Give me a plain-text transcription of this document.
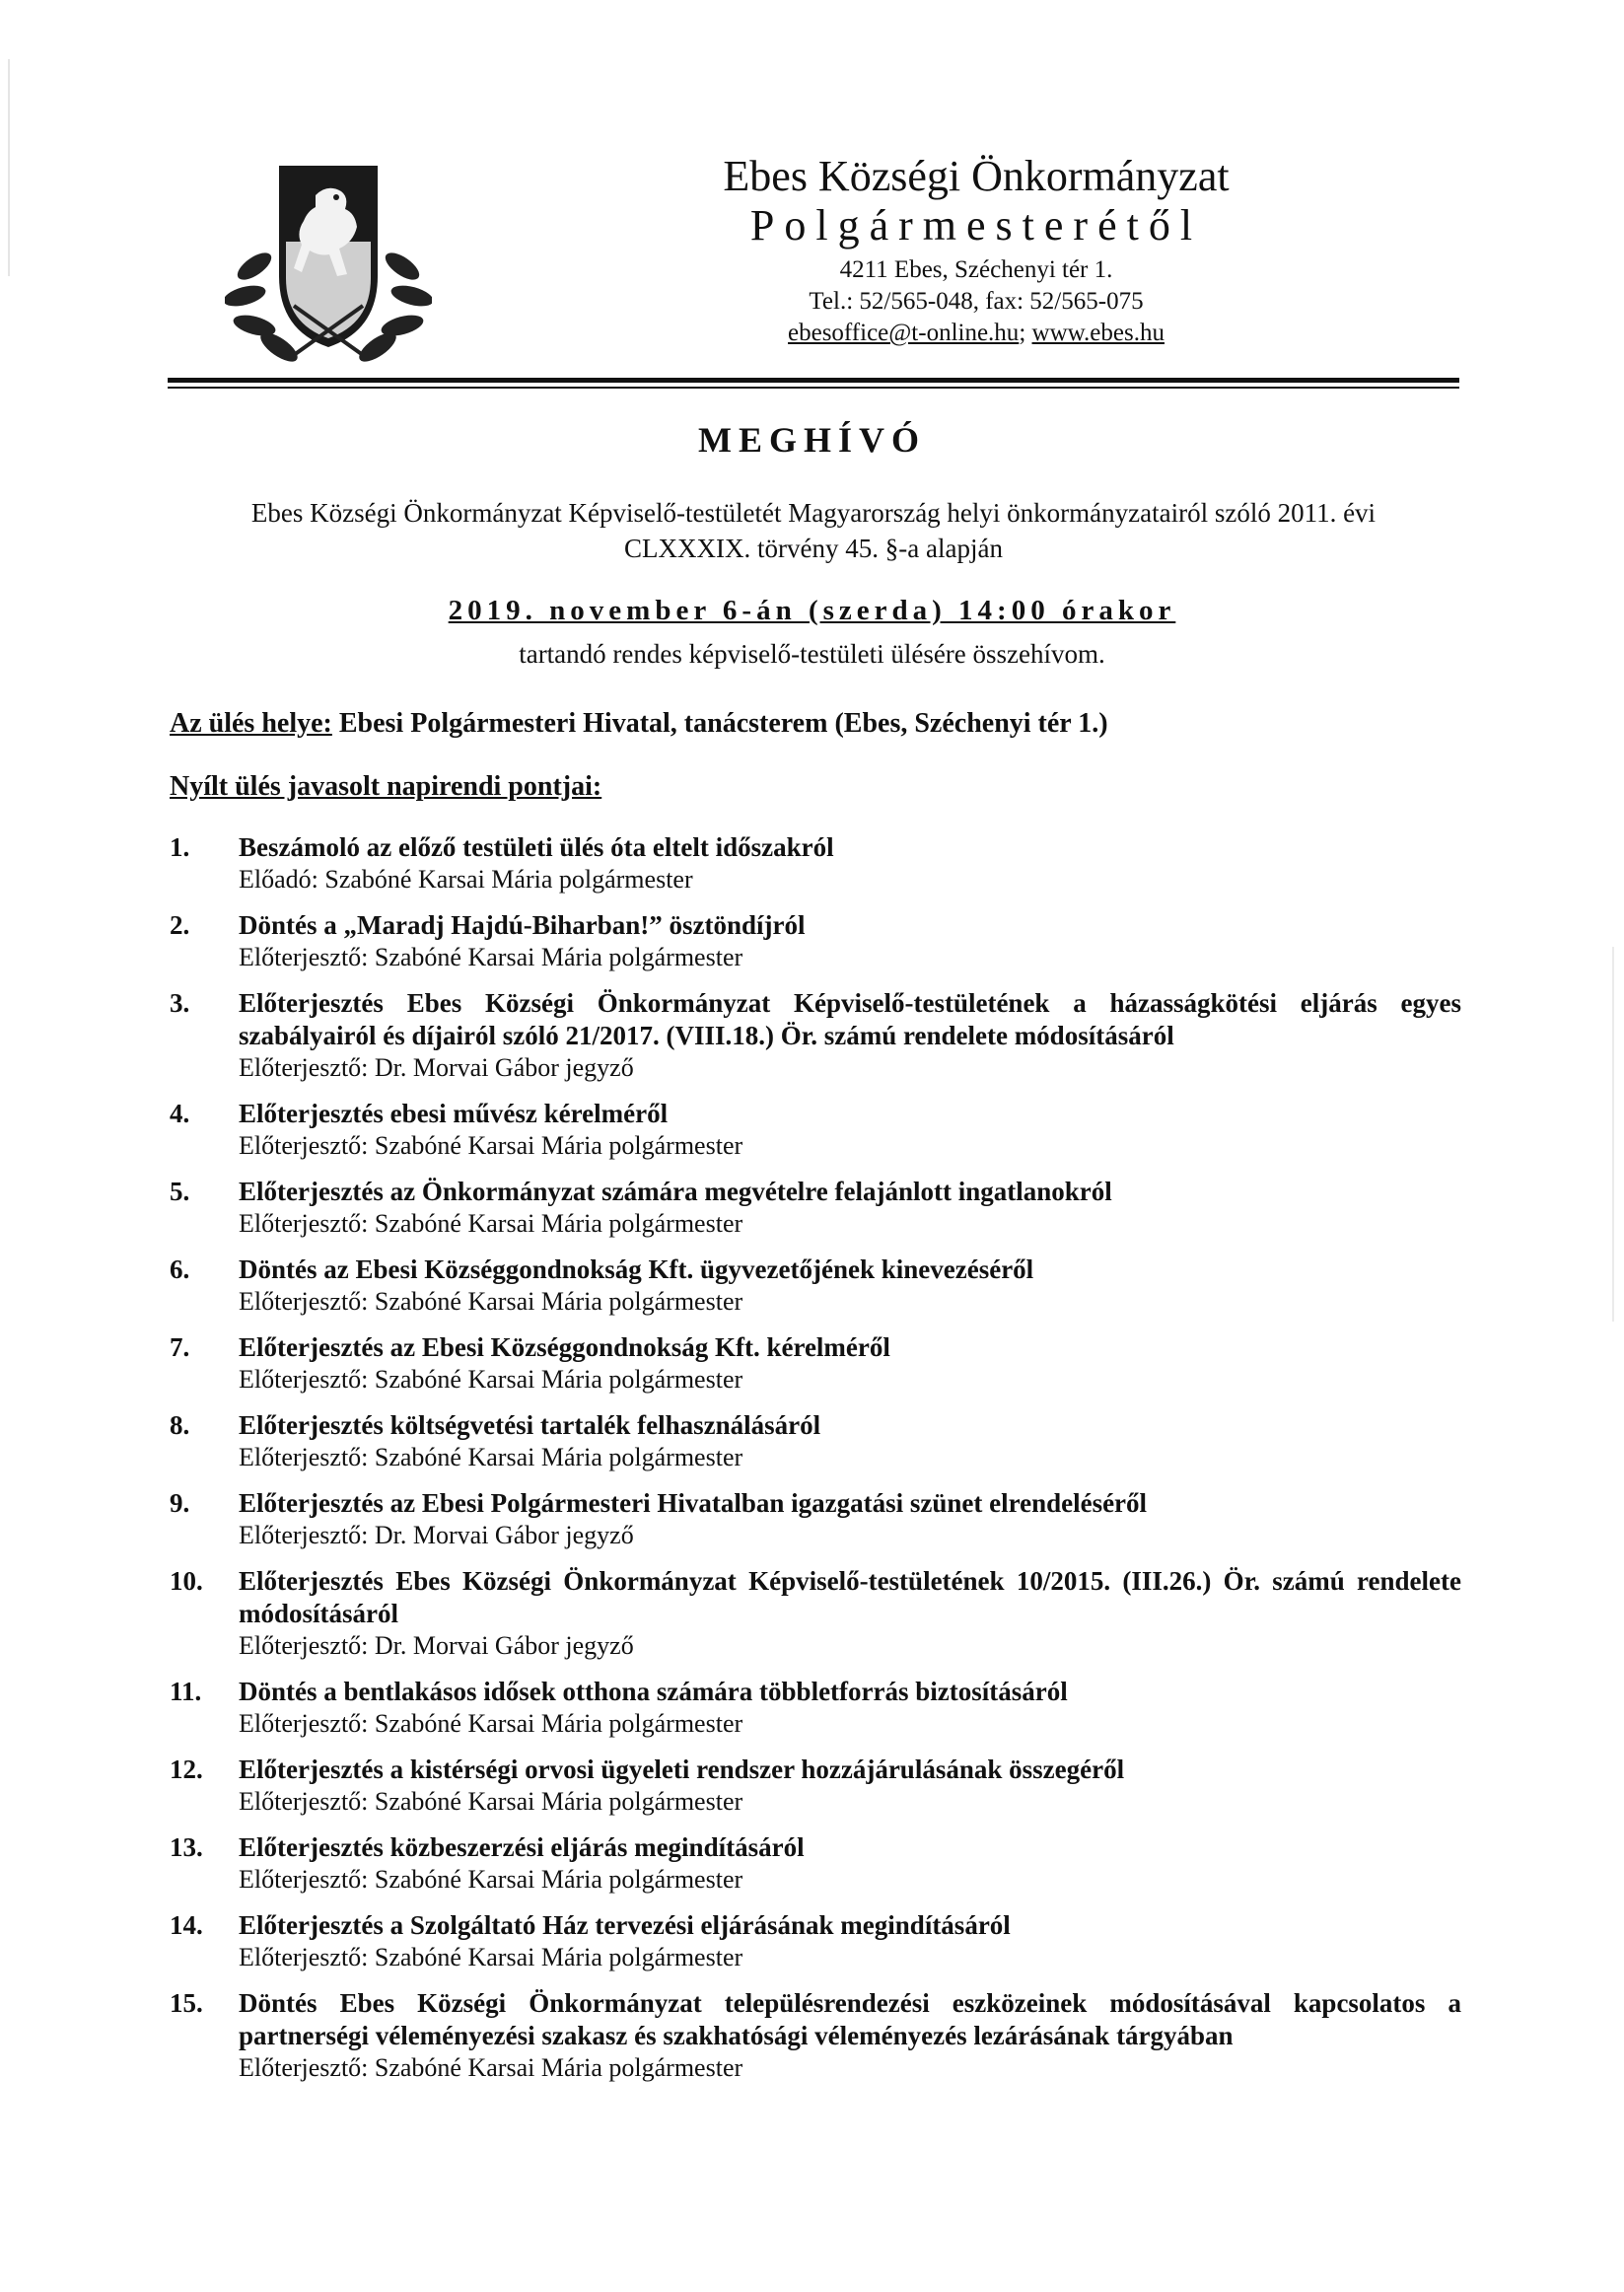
Ebes Községi Önkormányzat
Polgármesterétől
4211 Ebes, Széchenyi tér 1.
Tel.: 52/565-048, fax: 52/565-075
ebesoffice@t-online.hu; www.ebes.hu
MEGHÍVÓ
Ebes Községi Önkormányzat Képviselő-testületét Magyarország helyi önkormányzatairól szóló 2011. évi CLXXXIX. törvény 45. §-a alapján
2019. november 6-án (szerda) 14:00 órakor
tartandó rendes képviselő-testületi ülésére összehívom.
Az ülés helye: Ebesi Polgármesteri Hivatal, tanácsterem (Ebes, Széchenyi tér 1.)
Nyílt ülés javasolt napirendi pontjai:
1.	Beszámoló az előző testületi ülés óta eltelt időszakról
Előadó: Szabóné Karsai Mária polgármester
2.	Döntés a „Maradj Hajdú-Biharban!” ösztöndíjról
Előterjesztő: Szabóné Karsai Mária polgármester
3.	Előterjesztés Ebes Községi Önkormányzat Képviselő-testületének a házasságkötési eljárás egyes szabályairól és díjairól szóló 21/2017. (VIII.18.) Ör. számú rendelete módosításáról
Előterjesztő: Dr. Morvai Gábor jegyző
4.	Előterjesztés ebesi művész kérelméről
Előterjesztő: Szabóné Karsai Mária polgármester
5.	Előterjesztés az Önkormányzat számára megvételre felajánlott ingatlanokról
Előterjesztő: Szabóné Karsai Mária polgármester
6.	Döntés az Ebesi Községgondnokság Kft. ügyvezetőjének kinevezéséről
Előterjesztő: Szabóné Karsai Mária polgármester
7.	Előterjesztés az Ebesi Községgondnokság Kft. kérelméről
Előterjesztő: Szabóné Karsai Mária polgármester
8.	Előterjesztés költségvetési tartalék felhasználásáról
Előterjesztő: Szabóné Karsai Mária polgármester
9.	Előterjesztés az Ebesi Polgármesteri Hivatalban igazgatási szünet elrendeléséről
Előterjesztő: Dr. Morvai Gábor jegyző
10.	Előterjesztés Ebes Községi Önkormányzat Képviselő-testületének 10/2015. (III.26.) Ör. számú rendelete módosításáról
Előterjesztő: Dr. Morvai Gábor jegyző
11.	Döntés a bentlakásos idősek otthona számára többletforrás biztosításáról
Előterjesztő: Szabóné Karsai Mária polgármester
12.	Előterjesztés a kistérségi orvosi ügyeleti rendszer hozzájárulásának összegéről
Előterjesztő: Szabóné Karsai Mária polgármester
13.	Előterjesztés közbeszerzési eljárás megindításáról
Előterjesztő: Szabóné Karsai Mária polgármester
14.	Előterjesztés a Szolgáltató Ház tervezési eljárásának megindításáról
Előterjesztő: Szabóné Karsai Mária polgármester
15.	Döntés Ebes Községi Önkormányzat településrendezési eszközeinek módosításával kapcsolatos a partnerségi véleményezési szakasz és szakhatósági véleményezés lezárásának tárgyában
Előterjesztő: Szabóné Karsai Mária polgármester
